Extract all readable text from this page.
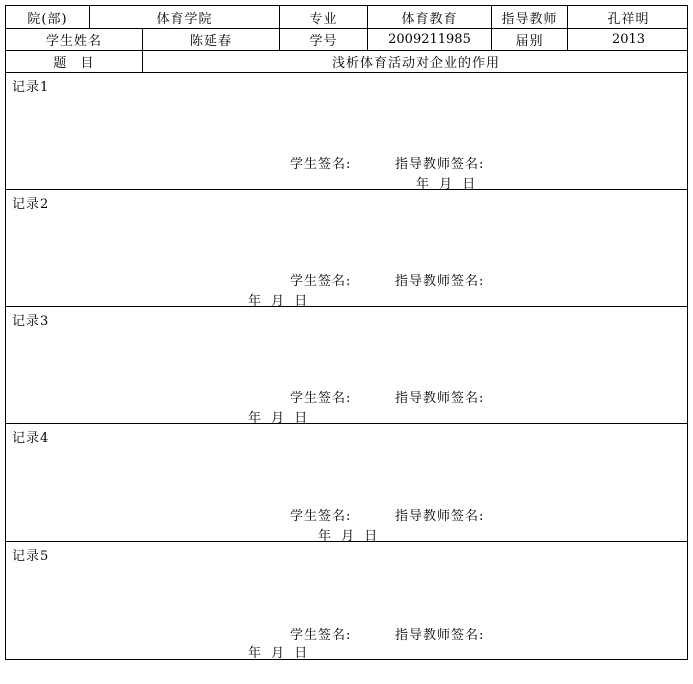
院(部)	体育学院	专业	体育教育	指导教师	孔祥明
学生姓名	陈延春	学号	2009211985	届别	2013
题 目	浅析体育活动对企业的作用
记录1
学生签名:	指导教师签名:
年 月 日
记录2
学生签名:	指导教师签名:
年 月 日
记录3
学生签名:	指导教师签名:
年 月 日
记录4
学生签名:	指导教师签名:
年 月 日
记录5
学生签名:	指导教师签名:
年 月 日
